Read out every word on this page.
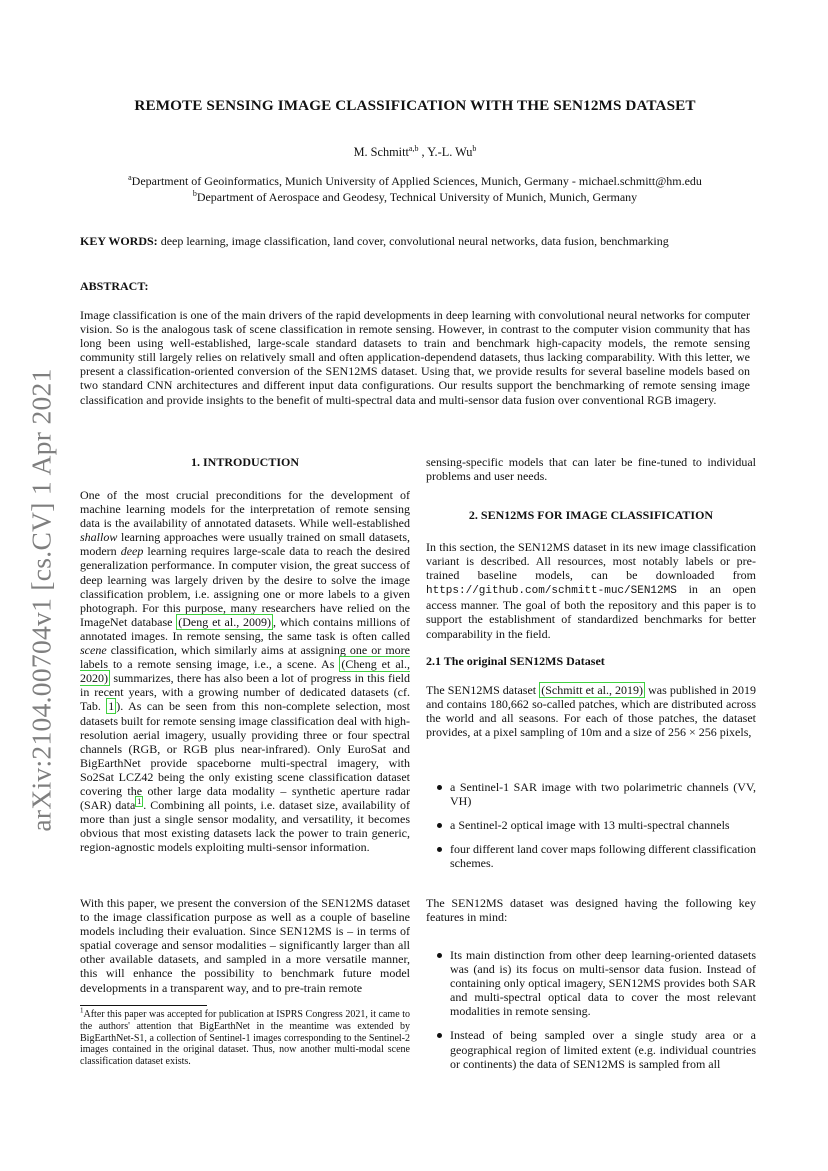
arXiv:2104.00704v1 [cs.CV] 1 Apr 2021
REMOTE SENSING IMAGE CLASSIFICATION WITH THE SEN12MS DATASET
M. Schmitt$^{a,b}$ , Y.-L. Wu$^b$
$^a$Department of Geoinformatics, Munich University of Applied Sciences, Munich, Germany - michael.schmitt@hm.edu
$^b$Department of Aerospace and Geodesy, Technical University of Munich, Munich, Germany
KEY WORDS: deep learning, image classification, land cover, convolutional neural networks, data fusion, benchmarking
ABSTRACT:
Image classification is one of the main drivers of the rapid developments in deep learning with convolutional neural networks for computer vision. So is the analogous task of scene classification in remote sensing. However, in contrast to the computer vision community that has long been using well-established, large-scale standard datasets to train and benchmark high-capacity models, the remote sensing community still largely relies on relatively small and often application-dependend datasets, thus lacking comparability. With this letter, we present a classification-oriented conversion of the SEN12MS dataset. Using that, we provide results for several baseline models based on two standard CNN architectures and different input data configurations. Our results support the benchmarking of remote sensing image classification and provide insights to the benefit of multi-spectral data and multi-sensor data fusion over conventional RGB imagery.
1. INTRODUCTION
One of the most crucial preconditions for the development of machine learning models for the interpretation of remote sensing data is the availability of annotated datasets. While well-established shallow learning approaches were usually trained on small datasets, modern deep learning requires large-scale data to reach the desired generalization performance. In computer vision, the great success of deep learning was largely driven by the desire to solve the image classification problem, i.e. assigning one or more labels to a given photograph. For this purpose, many researchers have relied on the ImageNet database (Deng et al., 2009) , which contains millions of annotated images. In remote sensing, the same task is often called scene classification, which similarly aims at assigning one or more labels to a remote sensing image, i.e., a scene. As (Cheng et al., 2020) summarizes, there has also been a lot of progress in this field in recent years, with a growing number of dedicated datasets (cf. Tab. 1 ). As can be seen from this non-complete selection, most datasets built for remote sensing image classification deal with high-resolution aerial imagery, usually providing three or four spectral channels (RGB, or RGB plus near-infrared). Only EuroSat and BigEarthNet provide spaceborne multi-spectral imagery, with So2Sat LCZ42 being the only existing scene classification dataset covering the other large data modality – synthetic aperture radar (SAR) data $^1$ . Combining all points, i.e. dataset size, availability of more than just a single sensor modality, and versatility, it becomes obvious that most existing datasets lack the power to train generic, region-agnostic models exploiting multi-sensor information.
With this paper, we present the conversion of the SEN12MS dataset to the image classification purpose as well as a couple of baseline models including their evaluation. Since SEN12MS is – in terms of spatial coverage and sensor modalities – significantly larger than all other available datasets, and sampled in a more versatile manner, this will enhance the possibility to benchmark future model developments in a transparent way, and to pre-train remote
$^1$After this paper was accepted for publication at ISPRS Congress 2021, it came to the authors' attention that BigEarthNet in the meantime was extended by BigEarthNet-S1, a collection of Sentinel-1 images corresponding to the Sentinel-2 images contained in the original dataset. Thus, now another multi-modal scene classification dataset exists.
sensing-specific models that can later be fine-tuned to individual problems and user needs.
2. SEN12MS FOR IMAGE CLASSIFICATION
In this section, the SEN12MS dataset in its new image classification variant is described. All resources, most notably labels or pre-trained baseline models, can be downloaded from https://github.com/schmitt-muc/SEN12MS in an open access manner. The goal of both the repository and this paper is to support the establishment of standardized benchmarks for better comparability in the field.
2.1 The original SEN12MS Dataset
The SEN12MS dataset (Schmitt et al., 2019) was published in 2019 and contains 180,662 so-called patches, which are distributed across the world and all seasons. For each of those patches, the dataset provides, at a pixel sampling of 10m and a size of 256 × 256 pixels,
a Sentinel-1 SAR image with two polarimetric channels (VV, VH)
a Sentinel-2 optical image with 13 multi-spectral channels
four different land cover maps following different classification schemes.
The SEN12MS dataset was designed having the following key features in mind:
Its main distinction from other deep learning-oriented datasets was (and is) its focus on multi-sensor data fusion. Instead of containing only optical imagery, SEN12MS provides both SAR and multi-spectral optical data to cover the most relevant modalities in remote sensing.
Instead of being sampled over a single study area or a geographical region of limited extent (e.g. individual countries or continents) the data of SEN12MS is sampled from all
